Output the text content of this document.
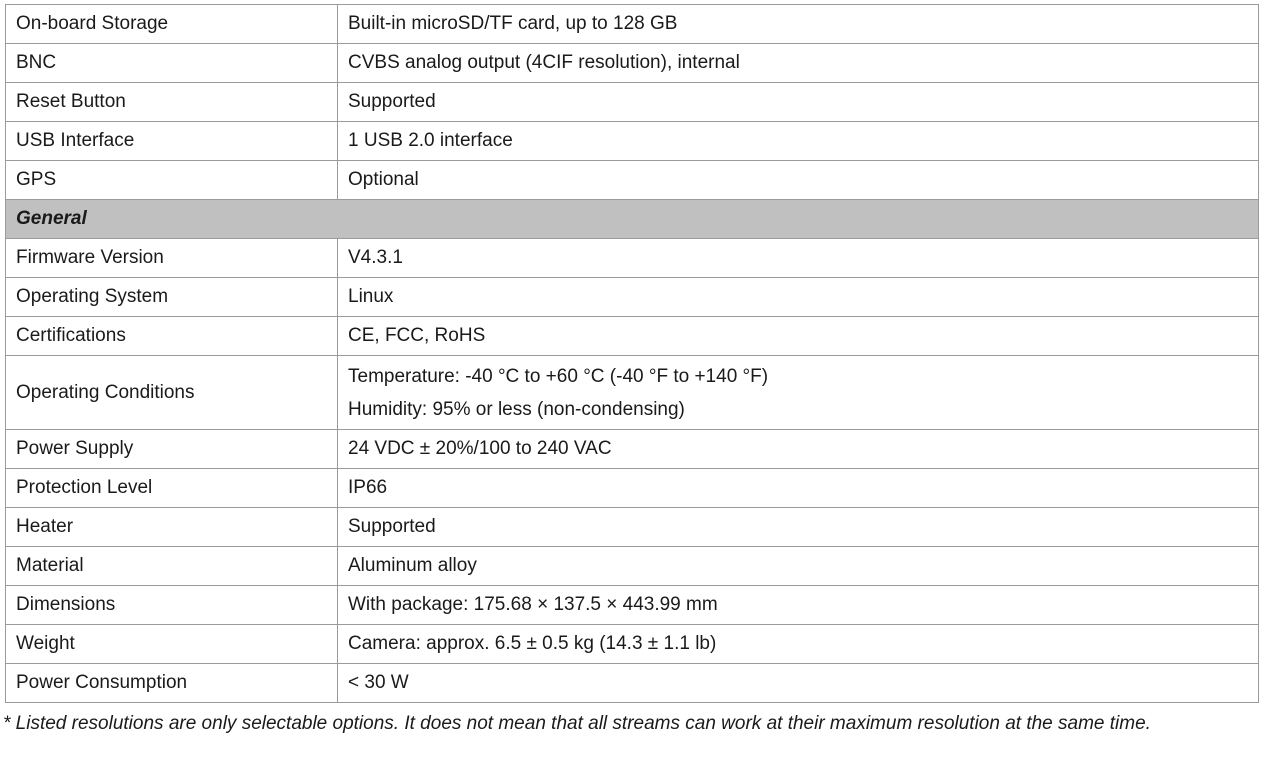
On-board Storage	Built-in microSD/TF card, up to 128 GB
BNC	CVBS analog output (4CIF resolution), internal
Reset Button	Supported
USB Interface	1 USB 2.0 interface
GPS	Optional
General	
Firmware Version	V4.3.1
Operating System	Linux
Certifications	CE, FCC, RoHS
Operating Conditions	Temperature: -40 °C to +60 °C (-40 °F to +140 °F)
Humidity: 95% or less (non-condensing)

Power Supply	24 VDC ± 20%/100 to 240 VAC
Protection Level	IP66
Heater	Supported
Material	Aluminum alloy
Dimensions	With package: 175.68 × 137.5 × 443.99 mm
Weight	Camera: approx. 6.5 ± 0.5 kg (14.3 ± 1.1 lb)
Power Consumption	< 30 W
* Listed resolutions are only selectable options. It does not mean that all streams can work at their maximum resolution at the same time.
